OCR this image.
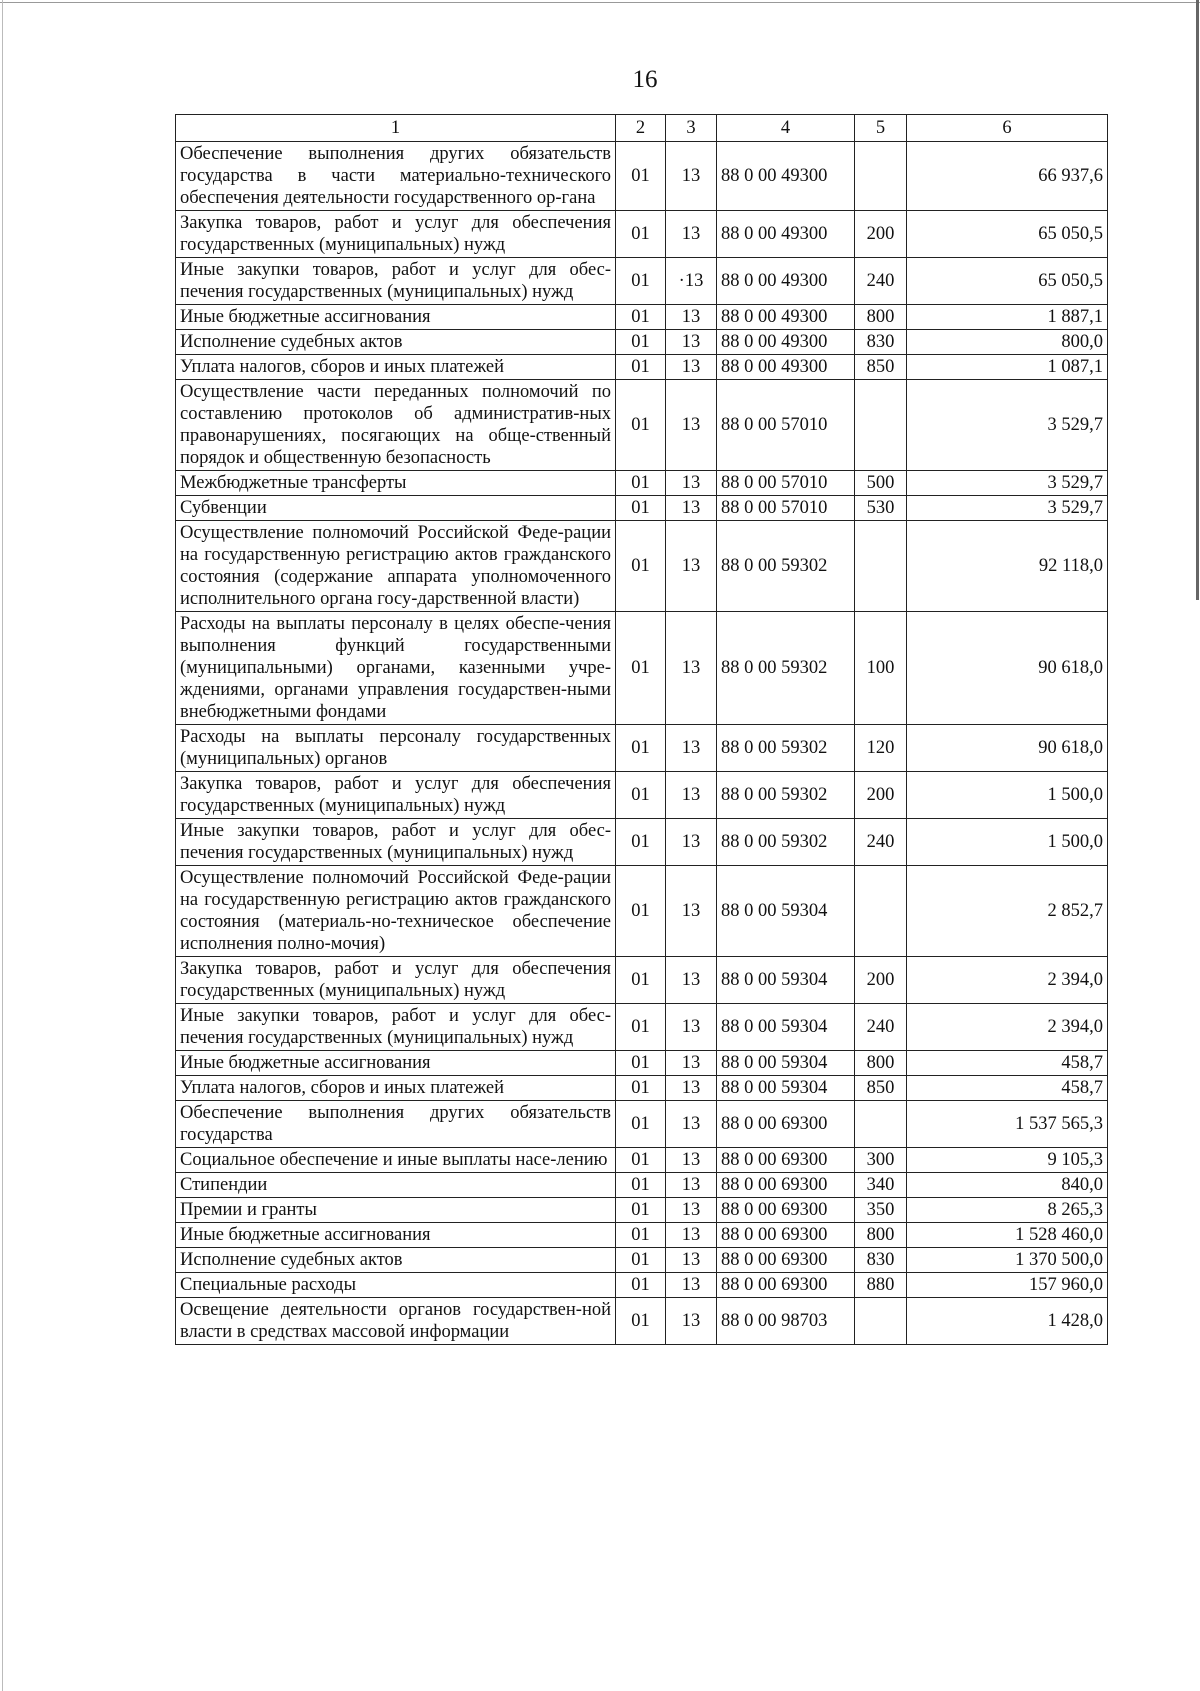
16
1	2	3	4	5	6
Обеспечение выполнения других обязательств государства в части материально-технического обеспечения деятельности государственного ор-гана	01	13	88 0 00 49300		66 937,6
Закупка товаров, работ и услуг для обеспечения государственных (муниципальных) нужд	01	13	88 0 00 49300	200	65 050,5
Иные закупки товаров, работ и услуг для обес-печения государственных (муниципальных) нужд	01	·13	88 0 00 49300	240	65 050,5
Иные бюджетные ассигнования	01	13	88 0 00 49300	800	1 887,1
Исполнение судебных актов	01	13	88 0 00 49300	830	800,0
Уплата налогов, сборов и иных платежей	01	13	88 0 00 49300	850	1 087,1
Осуществление части переданных полномочий по составлению протоколов об административ-ных правонарушениях, посягающих на обще-ственный порядок и общественную безопасность	01	13	88 0 00 57010		3 529,7
Межбюджетные трансферты	01	13	88 0 00 57010	500	3 529,7
Субвенции	01	13	88 0 00 57010	530	3 529,7
Осуществление полномочий Российской Феде-рации на государственную регистрацию актов гражданского состояния (содержание аппарата уполномоченного исполнительного органа госу-дарственной власти)	01	13	88 0 00 59302		92 118,0
Расходы на выплаты персоналу в целях обеспе-чения выполнения функций государственными (муниципальными) органами, казенными учре-ждениями, органами управления государствен-ными внебюджетными фондами	01	13	88 0 00 59302	100	90 618,0
Расходы на выплаты персоналу государственных (муниципальных) органов	01	13	88 0 00 59302	120	90 618,0
Закупка товаров, работ и услуг для обеспечения государственных (муниципальных) нужд	01	13	88 0 00 59302	200	1 500,0
Иные закупки товаров, работ и услуг для обес-печения государственных (муниципальных) нужд	01	13	88 0 00 59302	240	1 500,0
Осуществление полномочий Российской Феде-рации на государственную регистрацию актов гражданского состояния (материаль-но-техническое обеспечение исполнения полно-мочия)	01	13	88 0 00 59304		2 852,7
Закупка товаров, работ и услуг для обеспечения государственных (муниципальных) нужд	01	13	88 0 00 59304	200	2 394,0
Иные закупки товаров, работ и услуг для обес-печения государственных (муниципальных) нужд	01	13	88 0 00 59304	240	2 394,0
Иные бюджетные ассигнования	01	13	88 0 00 59304	800	458,7
Уплата налогов, сборов и иных платежей	01	13	88 0 00 59304	850	458,7
Обеспечение выполнения других обязательств государства	01	13	88 0 00 69300		1 537 565,3
Социальное обеспечение и иные выплаты насе-лению	01	13	88 0 00 69300	300	9 105,3
Стипендии	01	13	88 0 00 69300	340	840,0
Премии и гранты	01	13	88 0 00 69300	350	8 265,3
Иные бюджетные ассигнования	01	13	88 0 00 69300	800	1 528 460,0
Исполнение судебных актов	01	13	88 0 00 69300	830	1 370 500,0
Специальные расходы	01	13	88 0 00 69300	880	157 960,0
Освещение деятельности органов государствен-ной власти в средствах массовой информации	01	13	88 0 00 98703		1 428,0
